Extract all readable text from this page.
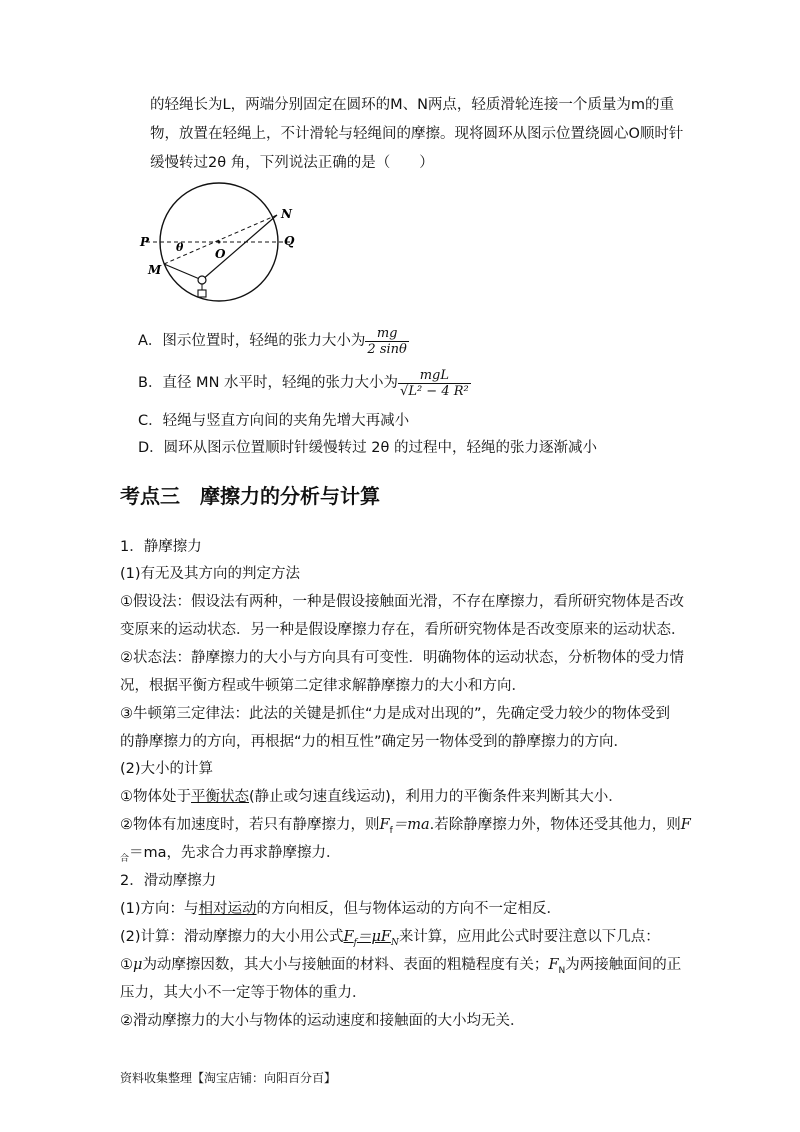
的轻绳长为L，两端分别固定在圆环的M、N两点，轻质滑轮连接一个质量为m的重
物，放置在轻绳上，不计滑轮与轻绳间的摩擦。现将圆环从图示位置绕圆心O顺时针
缓慢转过2θ 角，下列说法正确的是（　　）
N
Q
P θ	O
M
A．图示位置时，轻绳的张力大小为 $\frac{mg}{2 \sin\theta}$
B．直径 MN 水平时，轻绳的张力大小为 $\frac{\text{mgL}}{\text{√L² − 4 R²}}$
C．轻绳与竖直方向间的夹角先增大再减小
D．圆环从图示位置顺时针缓慢转过 2θ 的过程中，轻绳的张力逐渐减小
考点三　摩擦力的分析与计算
1．静摩擦力
(1)有无及其方向的判定方法
①假设法：假设法有两种，一种是假设接触面光滑，不存在摩擦力，看所研究物体是否改
变原来的运动状态．另一种是假设摩擦力存在，看所研究物体是否改变原来的运动状态．
②状态法：静摩擦力的大小与方向具有可变性．明确物体的运动状态，分析物体的受力情
况，根据平衡方程或牛顿第二定律求解静摩擦力的大小和方向．
③牛顿第三定律法：此法的关键是抓住“力是成对出现的”，先确定受力较少的物体受到
的静摩擦力的方向，再根据“力的相互性”确定另一物体受到的静摩擦力的方向．
(2)大小的计算
①物体处于平衡状态(静止或匀速直线运动)，利用力的平衡条件来判断其大小．
②物体有加速度时，若只有静摩擦力，则$F_f=ma$.若除静摩擦力外，物体还受其他力，则F
$_合$＝ma，先求合力再求静摩擦力．
2．滑动摩擦力
(1)方向：与相对运动的方向相反，但与物体运动的方向不一定相反．
(2)计算：滑动摩擦力的大小用公式$F_f=\mu F_N$来计算，应用此公式时要注意以下几点：
①μ为动摩擦因数，其大小与接触面的材料、表面的粗糙程度有关；$F_N$为两接触面间的正
压力，其大小不一定等于物体的重力．
②滑动摩擦力的大小与物体的运动速度和接触面的大小均无关．
资料收集整理【淘宝店铺：向阳百分百】
